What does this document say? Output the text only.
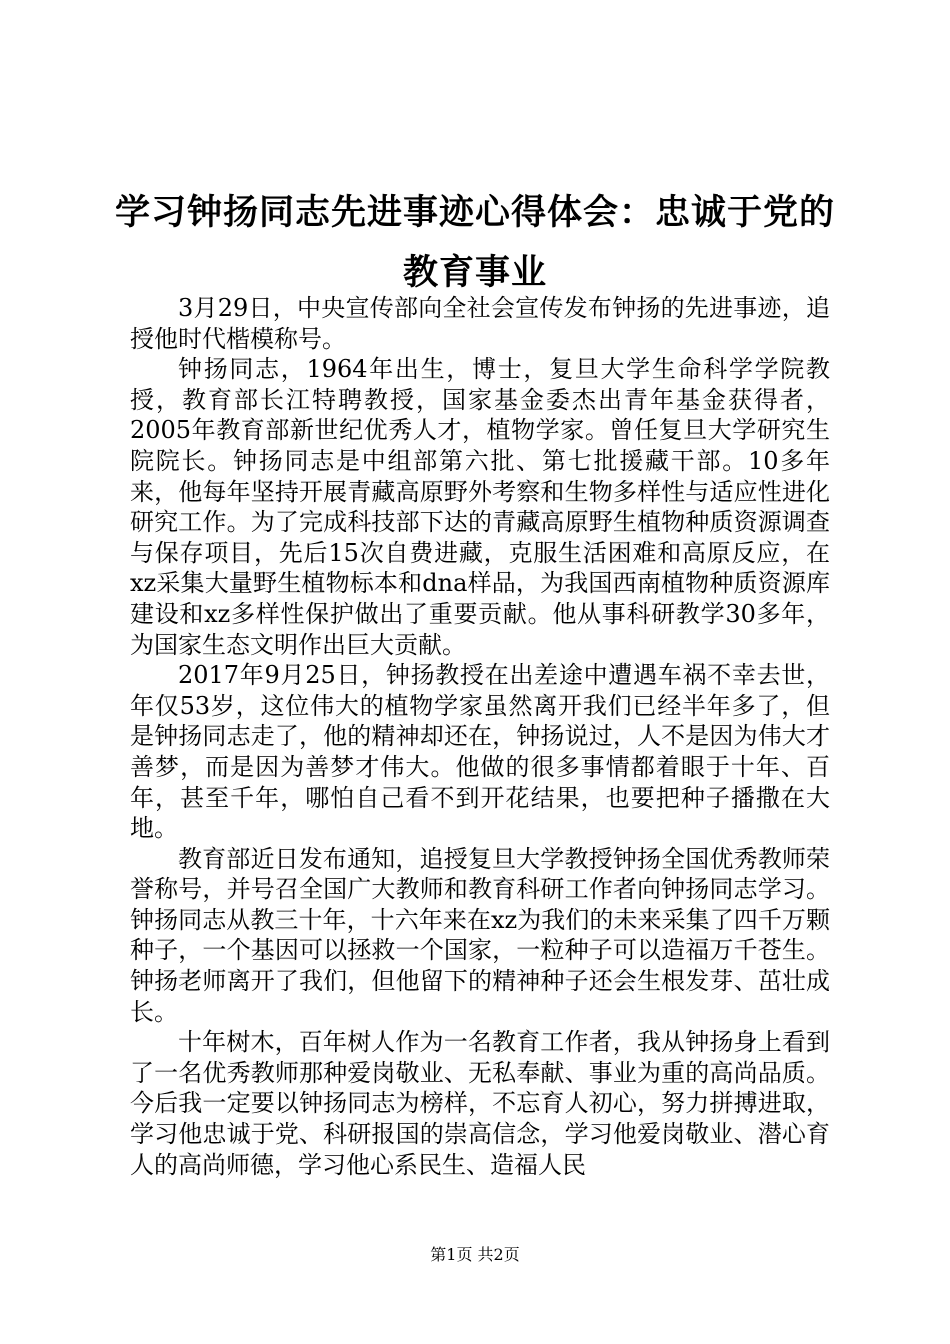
学习钟扬同志先进事迹心得体会：忠诚于党的教育事业

3月29日，中央宣传部向全社会宣传发布钟扬的先进事迹，追授他时代楷模称号。

钟扬同志，1964年出生，博士，复旦大学生命科学学院教授，教育部长江特聘教授，国家基金委杰出青年基金获得者，2005年教育部新世纪优秀人才，植物学家。曾任复旦大学研究生院院长。钟扬同志是中组部第六批、第七批援藏干部。10多年来，他每年坚持开展青藏高原野外考察和生物多样性与适应性进化研究工作。为了完成科技部下达的青藏高原野生植物种质资源调查与保存项目，先后15次自费进藏，克服生活困难和高原反应，在xz采集大量野生植物标本和dna样品，为我国西南植物种质资源库建设和xz多样性保护做出了重要贡献。他从事科研教学30多年，为国家生态文明作出巨大贡献。

2017年9月25日，钟扬教授在出差途中遭遇车祸不幸去世，年仅53岁，这位伟大的植物学家虽然离开我们已经半年多了，但是钟扬同志走了，他的精神却还在，钟扬说过，人不是因为伟大才善梦，而是因为善梦才伟大。他做的很多事情都着眼于十年、百年，甚至千年，哪怕自己看不到开花结果，也要把种子播撒在大地。

教育部近日发布通知，追授复旦大学教授钟扬全国优秀教师荣誉称号，并号召全国广大教师和教育科研工作者向钟扬同志学习。钟扬同志从教三十年，十六年来在xz为我们的未来采集了四千万颗种子，一个基因可以拯救一个国家，一粒种子可以造福万千苍生。钟扬老师离开了我们，但他留下的精神种子还会生根发芽、茁壮成长。

十年树木，百年树人作为一名教育工作者，我从钟扬身上看到了一名优秀教师那种爱岗敬业、无私奉献、事业为重的高尚品质。今后我一定要以钟扬同志为榜样，不忘育人初心，努力拼搏进取，学习他忠诚于党、科研报国的崇高信念，学习他爱岗敬业、潜心育人的高尚师德，学习他心系民生、造福人民

第1页 共2页
